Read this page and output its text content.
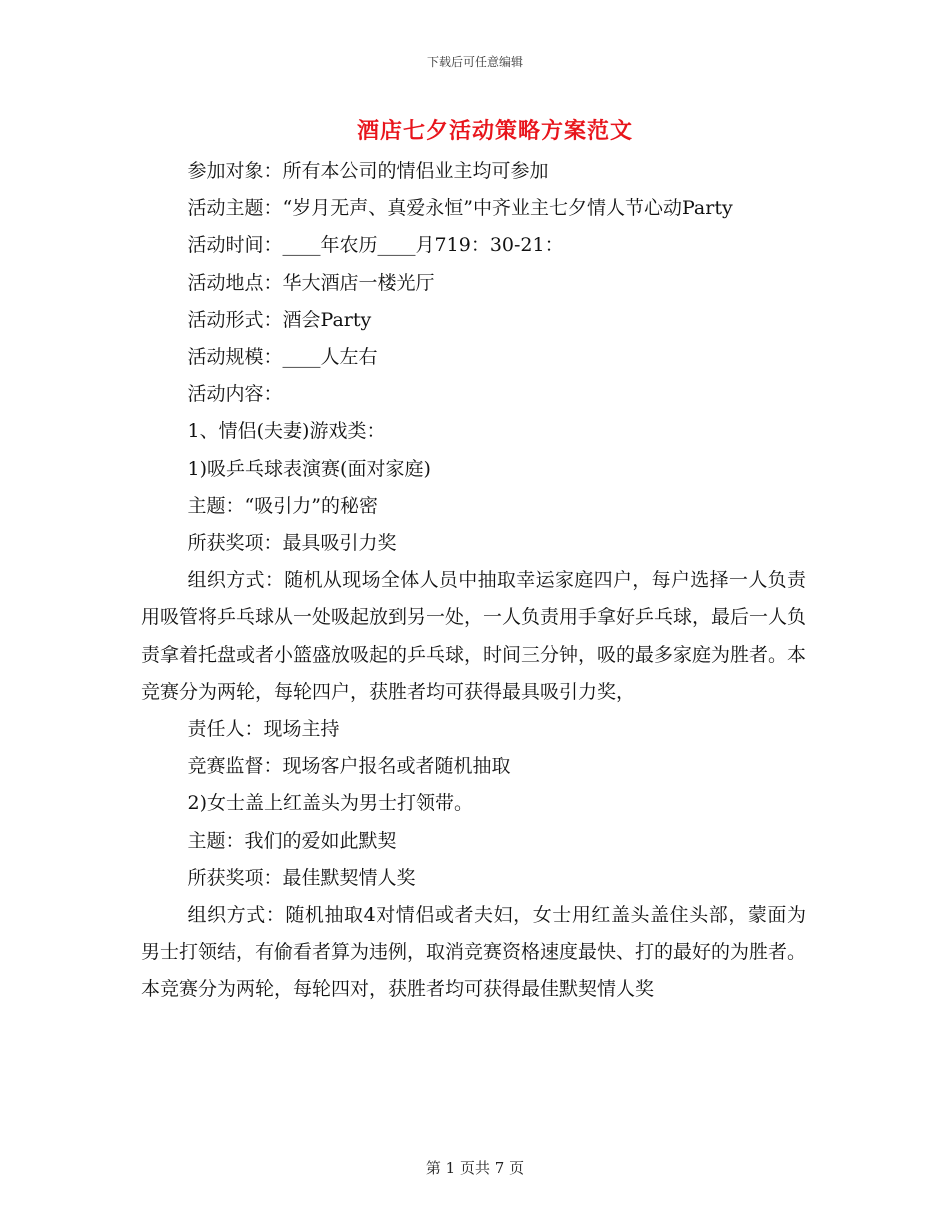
下载后可任意编辑
酒店七夕活动策略方案范文

参加对象：所有本公司的情侣业主均可参加

活动主题：“岁月无声、真爱永恒”中齐业主七夕情人节心动Party

活动时间：____年农历____月719：30-21：

活动地点：华大酒店一楼光厅

活动形式：酒会Party

活动规模：____人左右

活动内容：

1、情侣(夫妻)游戏类：

1)吸乒乓球表演赛(面对家庭)

主题：“吸引力”的秘密

所获奖项：最具吸引力奖

组织方式：随机从现场全体人员中抽取幸运家庭四户，每户选择一人负责用吸管将乒乓球从一处吸起放到另一处，一人负责用手拿好乒乓球，最后一人负责拿着托盘或者小篮盛放吸起的乒乓球，时间三分钟，吸的最多家庭为胜者。本竞赛分为两轮，每轮四户，获胜者均可获得最具吸引力奖，

责任人：现场主持

竞赛监督：现场客户报名或者随机抽取

2)女士盖上红盖头为男士打领带。

主题：我们的爱如此默契

所获奖项：最佳默契情人奖

组织方式：随机抽取4对情侣或者夫妇，女士用红盖头盖住头部，蒙面为男士打领结，有偷看者算为违例，取消竞赛资格速度最快、打的最好的为胜者。本竞赛分为两轮，每轮四对，获胜者均可获得最佳默契情人奖

第 1 页共 7 页
